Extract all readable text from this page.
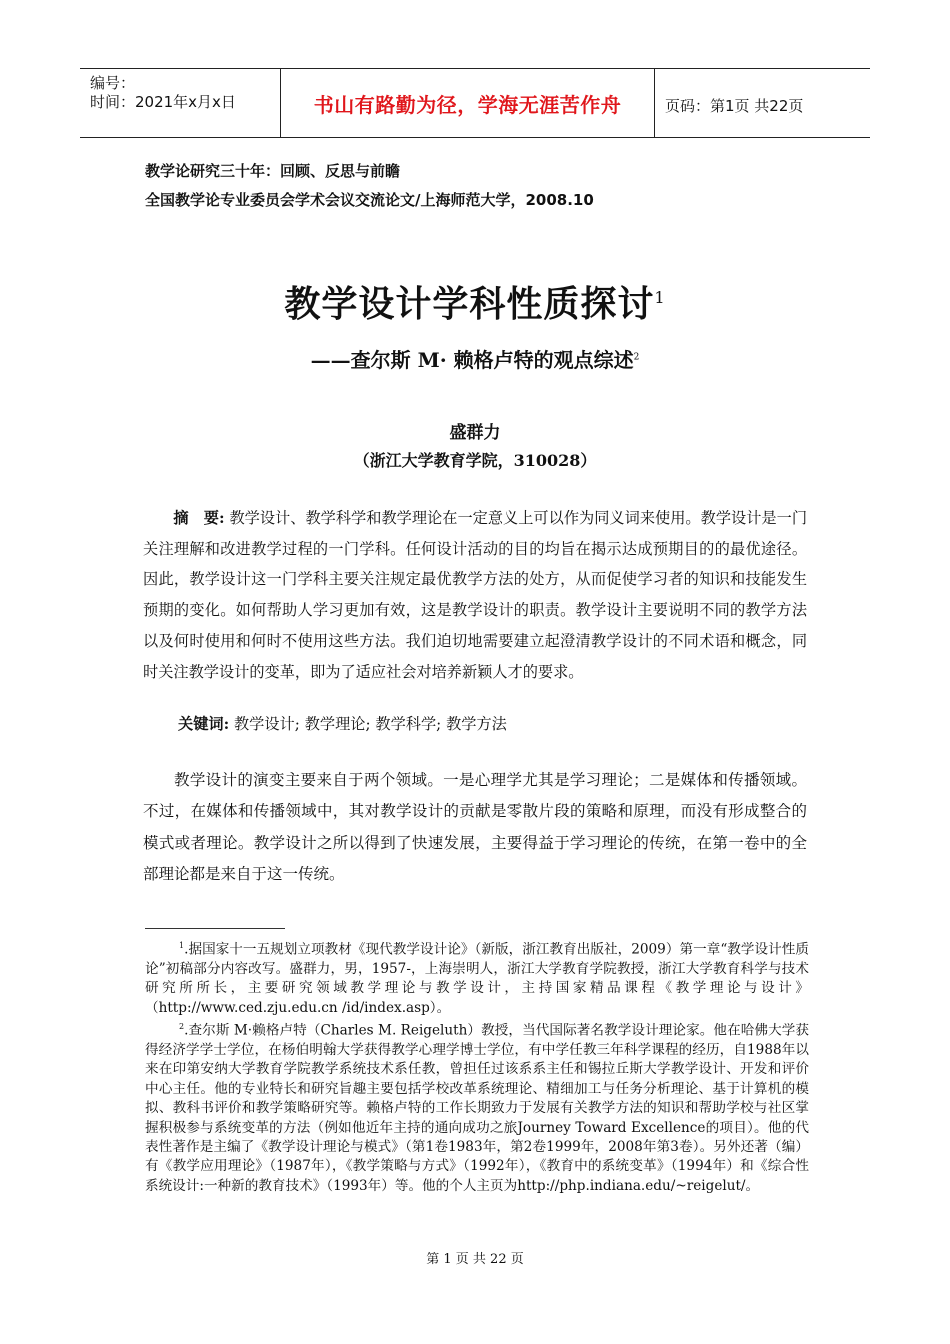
编号：
时间：2021年x月x日	书山有路勤为径，学海无涯苦作舟	页码：第1页 共22页
教学论研究三十年：回顾、反思与前瞻
全国教学论专业委员会学术会议交流论文/上海师范大学，2008.10
教学设计学科性质探讨$^1$
——查尔斯 M· 赖格卢特的观点综述$^2$
盛群力
（浙江大学教育学院，310028）
摘　要: 教学设计、教学科学和教学理论在一定意义上可以作为同义词来使用。教学设计是一门关注理解和改进教学过程的一门学科。任何设计活动的目的均旨在揭示达成预期目的的最优途径。因此，教学设计这一门学科主要关注规定最优教学方法的处方，从而促使学习者的知识和技能发生预期的变化。如何帮助人学习更加有效，这是教学设计的职责。教学设计主要说明不同的教学方法以及何时使用和何时不使用这些方法。我们迫切地需要建立起澄清教学设计的不同术语和概念，同时关注教学设计的变革，即为了适应社会对培养新颖人才的要求。
关键词: 教学设计; 教学理论; 教学科学; 教学方法
教学设计的演变主要来自于两个领域。一是心理学尤其是学习理论；二是媒体和传播领域。不过，在媒体和传播领域中，其对教学设计的贡献是零散片段的策略和原理，而没有形成整合的模式或者理论。教学设计之所以得到了快速发展，主要得益于学习理论的传统，在第一卷中的全部理论都是来自于这一传统。
$^1$.据国家十一五规划立项教材《现代教学设计论》（新版，浙江教育出版社，2009）第一章“教学设计性质论”初稿部分内容改写。盛群力，男，1957-，上海崇明人，浙江大学教育学院教授，浙江大学教育科学与技术研究所所长，主要研究领域教学理论与教学设计，主持国家精品课程《教学理论与设计》（http://www.ced.zju.edu.cn /id/index.asp）。
$^2$.查尔斯 M·赖格卢特（Charles M. Reigeluth）教授，当代国际著名教学设计理论家。他在哈佛大学获得经济学学士学位，在杨伯明翰大学获得教学心理学博士学位，有中学任教三年科学课程的经历，自1988年以来在印第安纳大学教育学院教学系统技术系任教，曾担任过该系系主任和锡拉丘斯大学教学设计、开发和评价中心主任。他的专业特长和研究旨趣主要包括学校改革系统理论、精细加工与任务分析理论、基于计算机的模拟、教科书评价和教学策略研究等。赖格卢特的工作长期致力于发展有关教学方法的知识和帮助学校与社区掌握积极参与系统变革的方法（例如他近年主持的通向成功之旅Journey Toward Excellence的项目）。他的代表性著作是主编了《教学设计理论与模式》（第1卷1983年，第2卷1999年，2008年第3卷）。另外还著（编）有《教学应用理论》（1987年），《教学策略与方式》（1992年），《教育中的系统变革》（1994年）和《综合性系统设计:一种新的教育技术》（1993年）等。他的个人主页为http://php.indiana.edu/~reigelut/。
第 1 页 共 22 页
